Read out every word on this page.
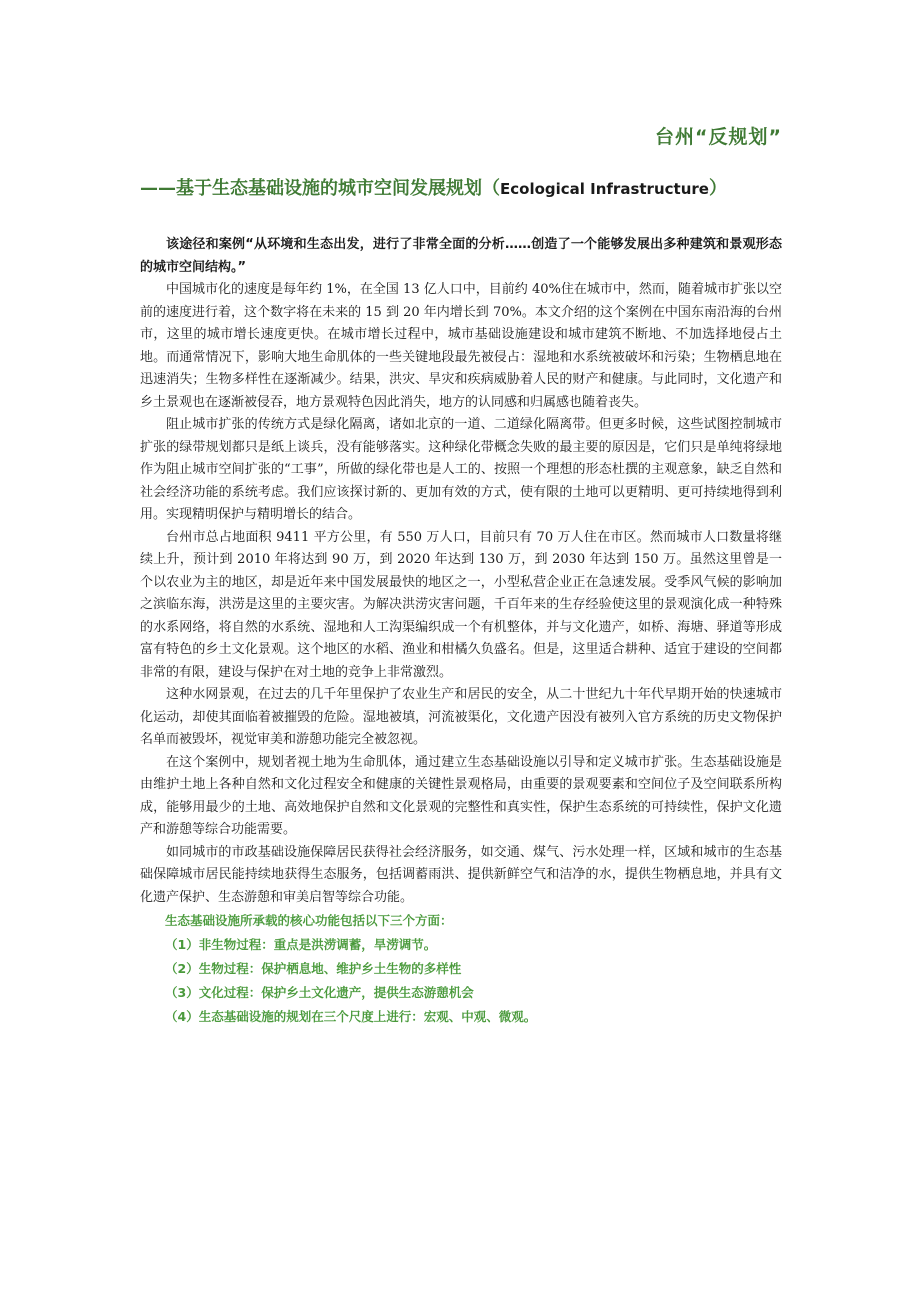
台州“反规划”
——基于生态基础设施的城市空间发展规划（Ecological Infrastructure）

该途径和案例“从环境和生态出发，进行了非常全面的分析……创造了一个能够发展出多种建筑和景观形态的城市空间结构。”

中国城市化的速度是每年约 1%，在全国 13 亿人口中，目前约 40%住在城市中，然而，随着城市扩张以空前的速度进行着，这个数字将在未来的 15 到 20 年内增长到 70%。本文介绍的这个案例在中国东南沿海的台州市，这里的城市增长速度更快。在城市增长过程中，城市基础设施建设和城市建筑不断地、不加选择地侵占土地。而通常情况下，影响大地生命肌体的一些关键地段最先被侵占：湿地和水系统被破坏和污染；生物栖息地在迅速消失；生物多样性在逐渐减少。结果，洪灾、旱灾和疾病威胁着人民的财产和健康。与此同时，文化遗产和乡土景观也在逐渐被侵吞，地方景观特色因此消失，地方的认同感和归属感也随着丧失。

阻止城市扩张的传统方式是绿化隔离，诸如北京的一道、二道绿化隔离带。但更多时候，这些试图控制城市扩张的绿带规划都只是纸上谈兵，没有能够落实。这种绿化带概念失败的最主要的原因是，它们只是单纯将绿地作为阻止城市空间扩张的“工事”，所做的绿化带也是人工的、按照一个理想的形态杜撰的主观意象，缺乏自然和社会经济功能的系统考虑。我们应该探讨新的、更加有效的方式，使有限的土地可以更精明、更可持续地得到利用。实现精明保护与精明增长的结合。

台州市总占地面积 9411 平方公里，有 550 万人口，目前只有 70 万人住在市区。然而城市人口数量将继续上升，预计到 2010 年将达到 90 万，到 2020 年达到 130 万，到 2030 年达到 150 万。虽然这里曾是一个以农业为主的地区，却是近年来中国发展最快的地区之一，小型私营企业正在急速发展。受季风气候的影响加之滨临东海，洪涝是这里的主要灾害。为解决洪涝灾害问题，千百年来的生存经验使这里的景观演化成一种特殊的水系网络，将自然的水系统、湿地和人工沟渠编织成一个有机整体，并与文化遗产，如桥、海塘、驿道等形成富有特色的乡土文化景观。这个地区的水稻、渔业和柑橘久负盛名。但是，这里适合耕种、适宜于建设的空间都非常的有限，建设与保护在对土地的竞争上非常激烈。

这种水网景观，在过去的几千年里保护了农业生产和居民的安全，从二十世纪九十年代早期开始的快速城市化运动，却使其面临着被摧毁的危险。湿地被填，河流被渠化，文化遗产因没有被列入官方系统的历史文物保护名单而被毁坏，视觉审美和游憩功能完全被忽视。

在这个案例中，规划者视土地为生命肌体，通过建立生态基础设施以引导和定义城市扩张。生态基础设施是由维护土地上各种自然和文化过程安全和健康的关键性景观格局，由重要的景观要素和空间位子及空间联系所构成，能够用最少的土地、高效地保护自然和文化景观的完整性和真实性，保护生态系统的可持续性，保护文化遗产和游憩等综合功能需要。

如同城市的市政基础设施保障居民获得社会经济服务，如交通、煤气、污水处理一样，区域和城市的生态基础保障城市居民能持续地获得生态服务，包括调蓄雨洪、提供新鲜空气和洁净的水，提供生物栖息地，并具有文化遗产保护、生态游憩和审美启智等综合功能。

生态基础设施所承载的核心功能包括以下三个方面：

（1）非生物过程：重点是洪涝调蓄，旱涝调节。

（2）生物过程：保护栖息地、维护乡土生物的多样性

（3）文化过程：保护乡土文化遗产，提供生态游憩机会

（4）生态基础设施的规划在三个尺度上进行：宏观、中观、微观。
